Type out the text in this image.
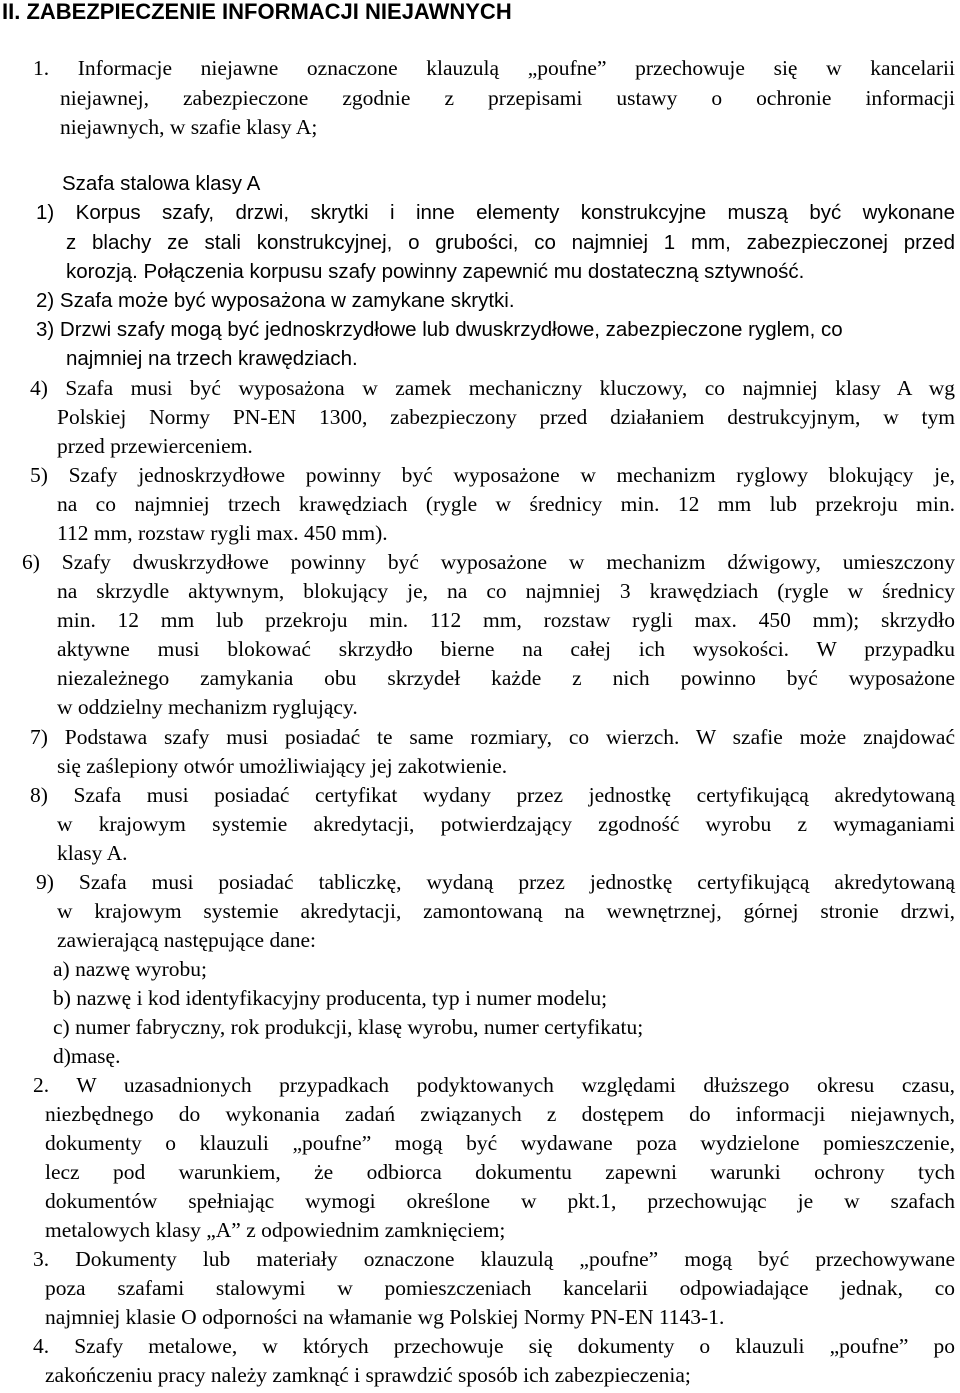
II. ZABEZPIECZENIE INFORMACJI NIEJAWNYCH
1. Informacje niejawne oznaczone klauzulą „poufne” przechowuje się w kancelarii
niejawnej, zabezpieczone zgodnie z przepisami ustawy o ochronie informacji
niejawnych, w szafie klasy A;
Szafa stalowa klasy A
1) Korpus szafy, drzwi, skrytki i inne elementy konstrukcyjne muszą być wykonane
z blachy ze stali konstrukcyjnej, o grubości, co najmniej 1 mm, zabezpieczonej przed
korozją. Połączenia korpusu szafy powinny zapewnić mu dostateczną sztywność.
2) Szafa może być wyposażona w zamykane skrytki.
3) Drzwi szafy mogą być jednoskrzydłowe lub dwuskrzydłowe, zabezpieczone ryglem, co
najmniej na trzech krawędziach.
4) Szafa musi być wyposażona w zamek mechaniczny kluczowy, co najmniej klasy A wg
Polskiej Normy PN-EN 1300, zabezpieczony przed działaniem destrukcyjnym, w tym
przed przewierceniem.
5) Szafy jednoskrzydłowe powinny być wyposażone w mechanizm ryglowy blokujący je,
na co najmniej trzech krawędziach (rygle w średnicy min. 12 mm lub przekroju min.
112 mm, rozstaw rygli max. 450 mm).
6) Szafy dwuskrzydłowe powinny być wyposażone w mechanizm dźwigowy, umieszczony
na skrzydle aktywnym, blokujący je, na co najmniej 3 krawędziach (rygle w średnicy
min. 12 mm lub przekroju min. 112 mm, rozstaw rygli max. 450 mm); skrzydło
aktywne musi blokować skrzydło bierne na całej ich wysokości. W przypadku
niezależnego zamykania obu skrzydeł każde z nich powinno być wyposażone
w oddzielny mechanizm ryglujący.
7) Podstawa szafy musi posiadać te same rozmiary, co wierzch. W szafie może znajdować
się zaślepiony otwór umożliwiający jej zakotwienie.
8) Szafa musi posiadać certyfikat wydany przez jednostkę certyfikującą akredytowaną
w krajowym systemie akredytacji, potwierdzający zgodność wyrobu z wymaganiami
klasy A.
9) Szafa musi posiadać tabliczkę, wydaną przez jednostkę certyfikującą akredytowaną
w krajowym systemie akredytacji, zamontowaną na wewnętrznej, górnej stronie drzwi,
zawierającą następujące dane:
a) nazwę wyrobu;
b) nazwę i kod identyfikacyjny producenta, typ i numer modelu;
c) numer fabryczny, rok produkcji, klasę wyrobu, numer certyfikatu;
d)masę.
2. W uzasadnionych przypadkach podyktowanych względami dłuższego okresu czasu,
niezbędnego do wykonania zadań związanych z dostępem do informacji niejawnych,
dokumenty o klauzuli „poufne” mogą być wydawane poza wydzielone pomieszczenie,
lecz pod warunkiem, że odbiorca dokumentu zapewni warunki ochrony tych
dokumentów spełniając wymogi określone w pkt.1, przechowując je w szafach
metalowych klasy „A” z odpowiednim zamknięciem;
3. Dokumenty lub materiały oznaczone klauzulą „poufne” mogą być przechowywane
poza szafami stalowymi w pomieszczeniach kancelarii odpowiadające jednak, co
najmniej klasie O odporności na włamanie wg Polskiej Normy PN-EN 1143-1.
4. Szafy metalowe, w których przechowuje się dokumenty o klauzuli „poufne” po
zakończeniu pracy należy zamknąć i sprawdzić sposób ich zabezpieczenia;
